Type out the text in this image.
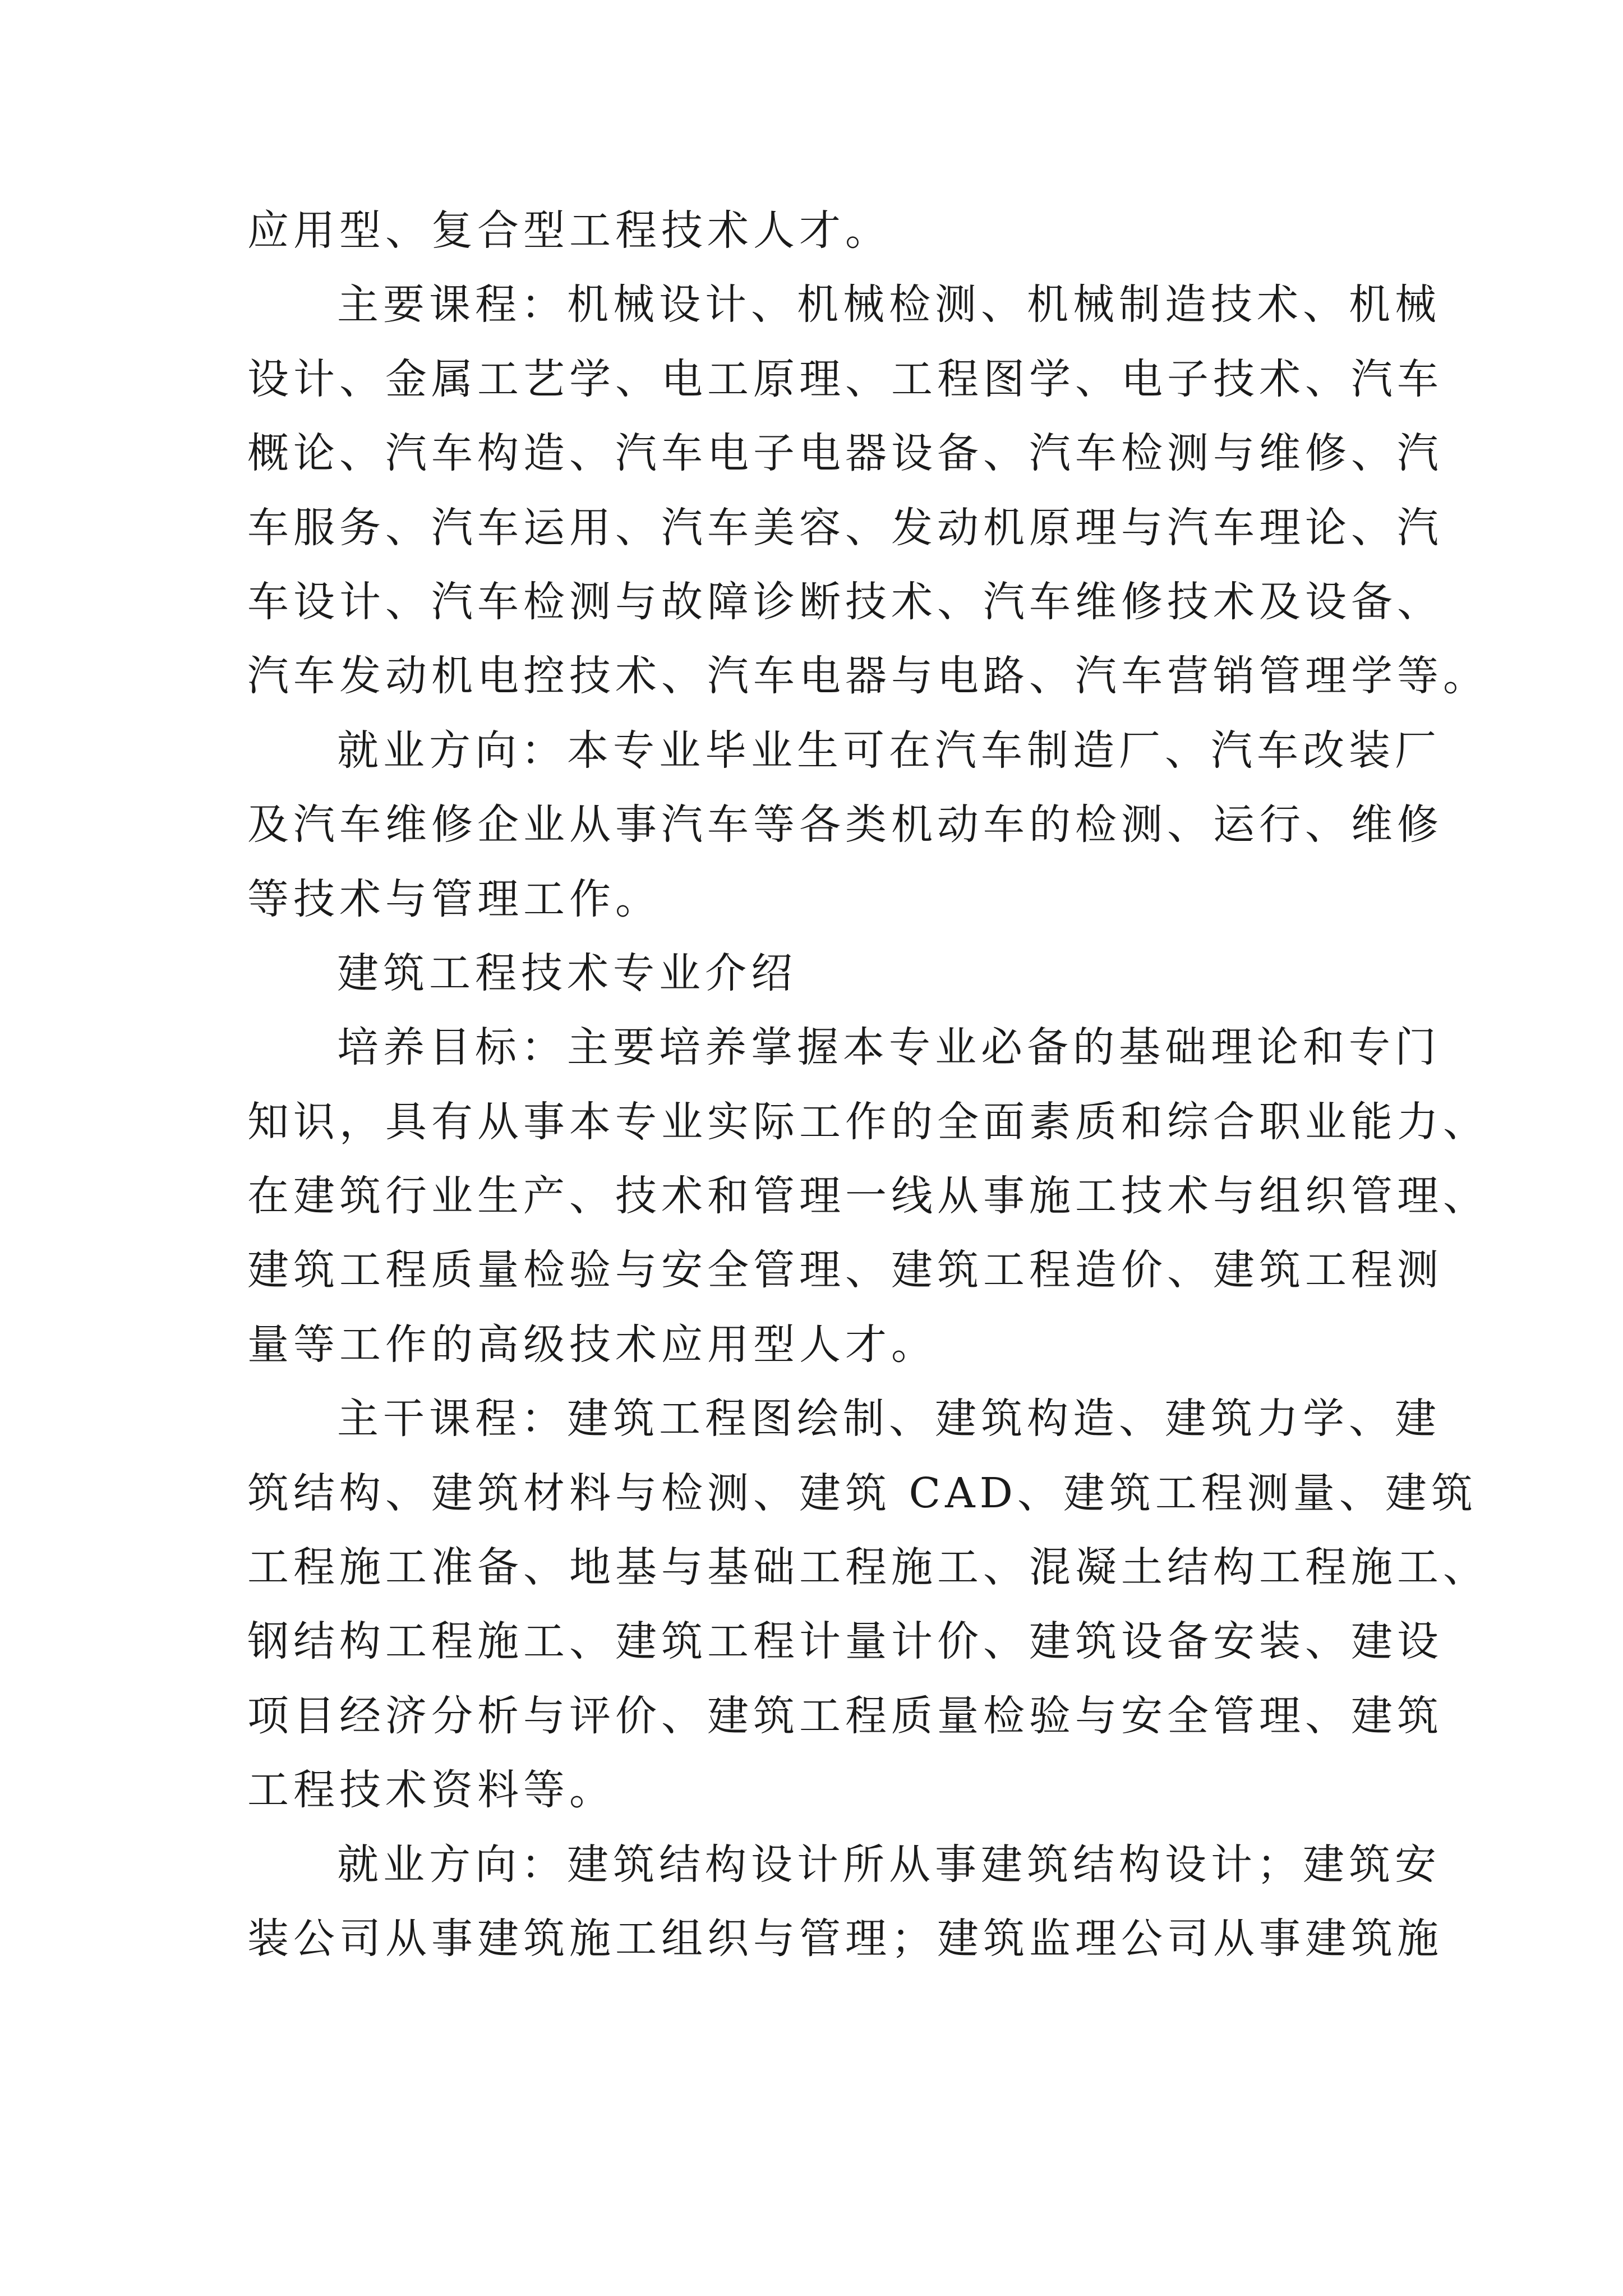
应用型、复合型工程技术人才。
主要课程：机械设计、机械检测、机械制造技术、机械
设计、金属工艺学、电工原理、工程图学、电子技术、汽车
概论、汽车构造、汽车电子电器设备、汽车检测与维修、汽
车服务、汽车运用、汽车美容、发动机原理与汽车理论、汽
车设计、汽车检测与故障诊断技术、汽车维修技术及设备、
汽车发动机电控技术、汽车电器与电路、汽车营销管理学等。
就业方向：本专业毕业生可在汽车制造厂、汽车改装厂
及汽车维修企业从事汽车等各类机动车的检测、运行、维修
等技术与管理工作。
建筑工程技术专业介绍
培养目标：主要培养掌握本专业必备的基础理论和专门
知识，具有从事本专业实际工作的全面素质和综合职业能力、
在建筑行业生产、技术和管理一线从事施工技术与组织管理、
建筑工程质量检验与安全管理、建筑工程造价、建筑工程测
量等工作的高级技术应用型人才。
主干课程：建筑工程图绘制、建筑构造、建筑力学、建
筑结构、建筑材料与检测、建筑 CAD、建筑工程测量、建筑
工程施工准备、地基与基础工程施工、混凝土结构工程施工、
钢结构工程施工、建筑工程计量计价、建筑设备安装、建设
项目经济分析与评价、建筑工程质量检验与安全管理、建筑
工程技术资料等。
就业方向：建筑结构设计所从事建筑结构设计；建筑安
装公司从事建筑施工组织与管理；建筑监理公司从事建筑施
